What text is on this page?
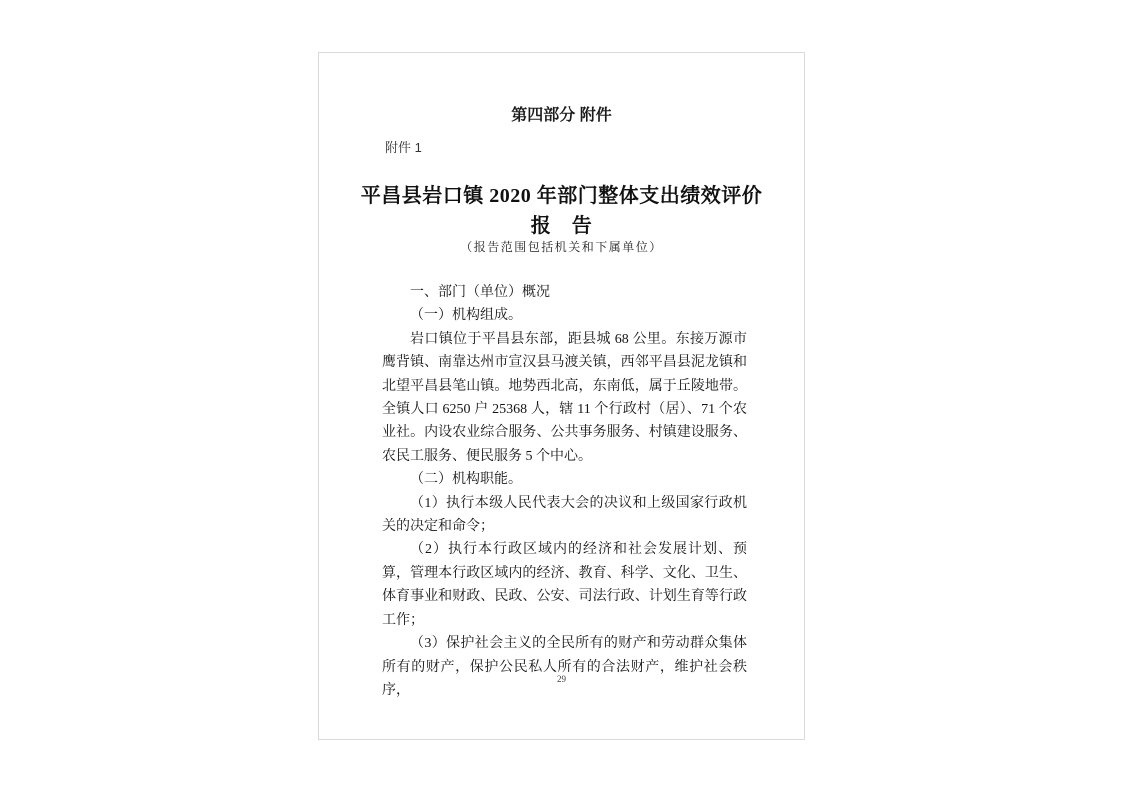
第四部分 附件
附件 1
平昌县岩口镇 2020 年部门整体支出绩效评价
报　告
（报告范围包括机关和下属单位）

一、部门（单位）概况

（一）机构组成。

岩口镇位于平昌县东部，距县城 68 公里。东接万源市鹰背镇、南靠达州市宣汉县马渡关镇，西邻平昌县泥龙镇和北望平昌县笔山镇。地势西北高，东南低，属于丘陵地带。全镇人口 6250 户 25368 人，辖 11 个行政村（居）、71 个农业社。内设农业综合服务、公共事务服务、村镇建设服务、农民工服务、便民服务 5 个中心。

（二）机构职能。

（1）执行本级人民代表大会的决议和上级国家行政机关的决定和命令；

（2）执行本行政区域内的经济和社会发展计划、预算，管理本行政区域内的经济、教育、科学、文化、卫生、体育事业和财政、民政、公安、司法行政、计划生育等行政工作；

（3）保护社会主义的全民所有的财产和劳动群众集体所有的财产，保护公民私人所有的合法财产，维护社会秩序，

29
